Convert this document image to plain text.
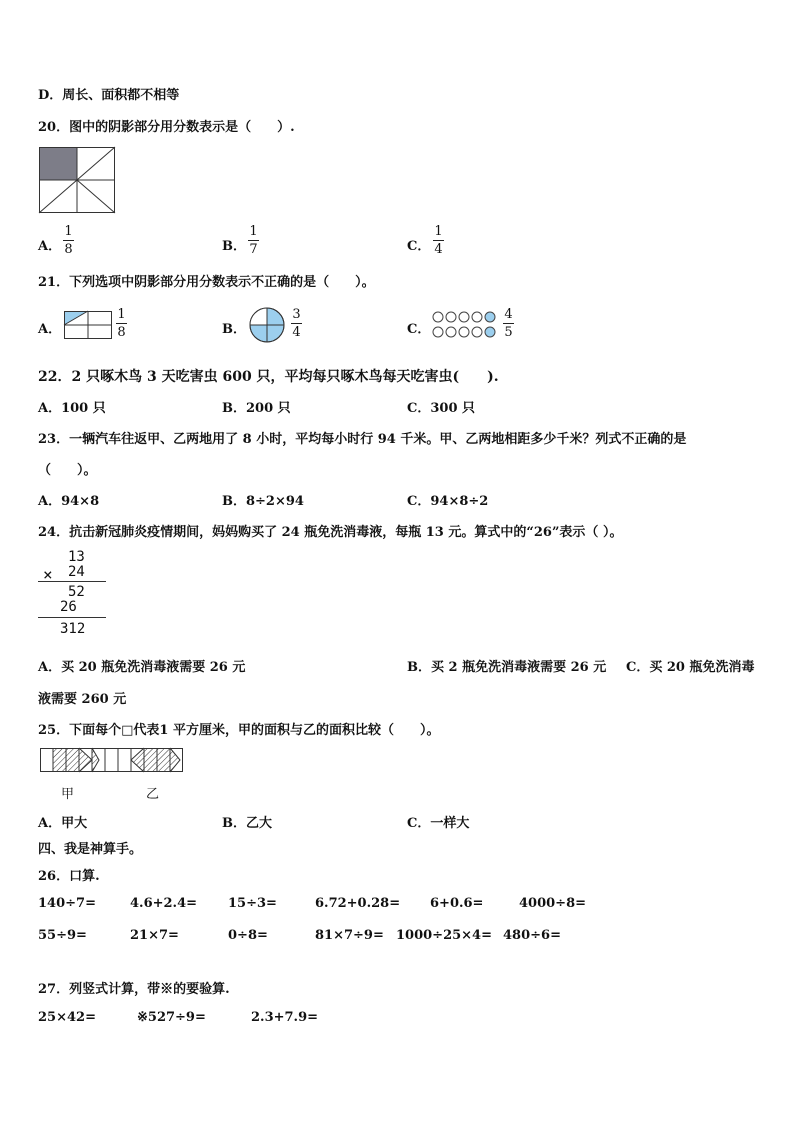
D．周长、面积都不相等
20．图中的阴影部分用分数表示是（　　）.
A．
1
8	B．
1
7	C．
1
4
21．下列选项中阴影部分用分数表示不正确的是（　　）。
A．
1
8	B．
3
4	C．
4
5
22．2 只啄木鸟 3 天吃害虫 600 只，平均每只啄木鸟每天吃害虫(　　).
A．100 只	B．200 只	C．300 只
23．一辆汽车往返甲、乙两地用了 8 小时，平均每小时行 94 千米。甲、乙两地相距多少千米？列式不正确的是
（　　）。
A．94×8	B．8÷2×94	C．94×8÷2
24．抗击新冠肺炎疫情期间，妈妈购买了 24 瓶免洗消毒液，每瓶 13 元。算式中的“26”表示（ ）。
13
× 24
52
26
312
A．买 20 瓶免洗消毒液需要 26 元	B．买 2 瓶免洗消毒液需要 26 元 C．买 20 瓶免洗消毒
液需要 260 元
25．下面每个□代表1 平方厘米，甲的面积与乙的面积比较（　　）。
甲	乙
A．甲大	B．乙大	C．一样大
四、我是神算手。
26．口算.
140÷7=	4.6+2.4= 15÷3=	6.72+0.28= 6+0.6=	4000÷8=
55÷9=	21×7=	0÷8=	81×7÷9= 1000÷25×4= 480÷6=
27．列竖式计算，带※的要验算.
25×42=	※527÷9=	2.3+7.9=
